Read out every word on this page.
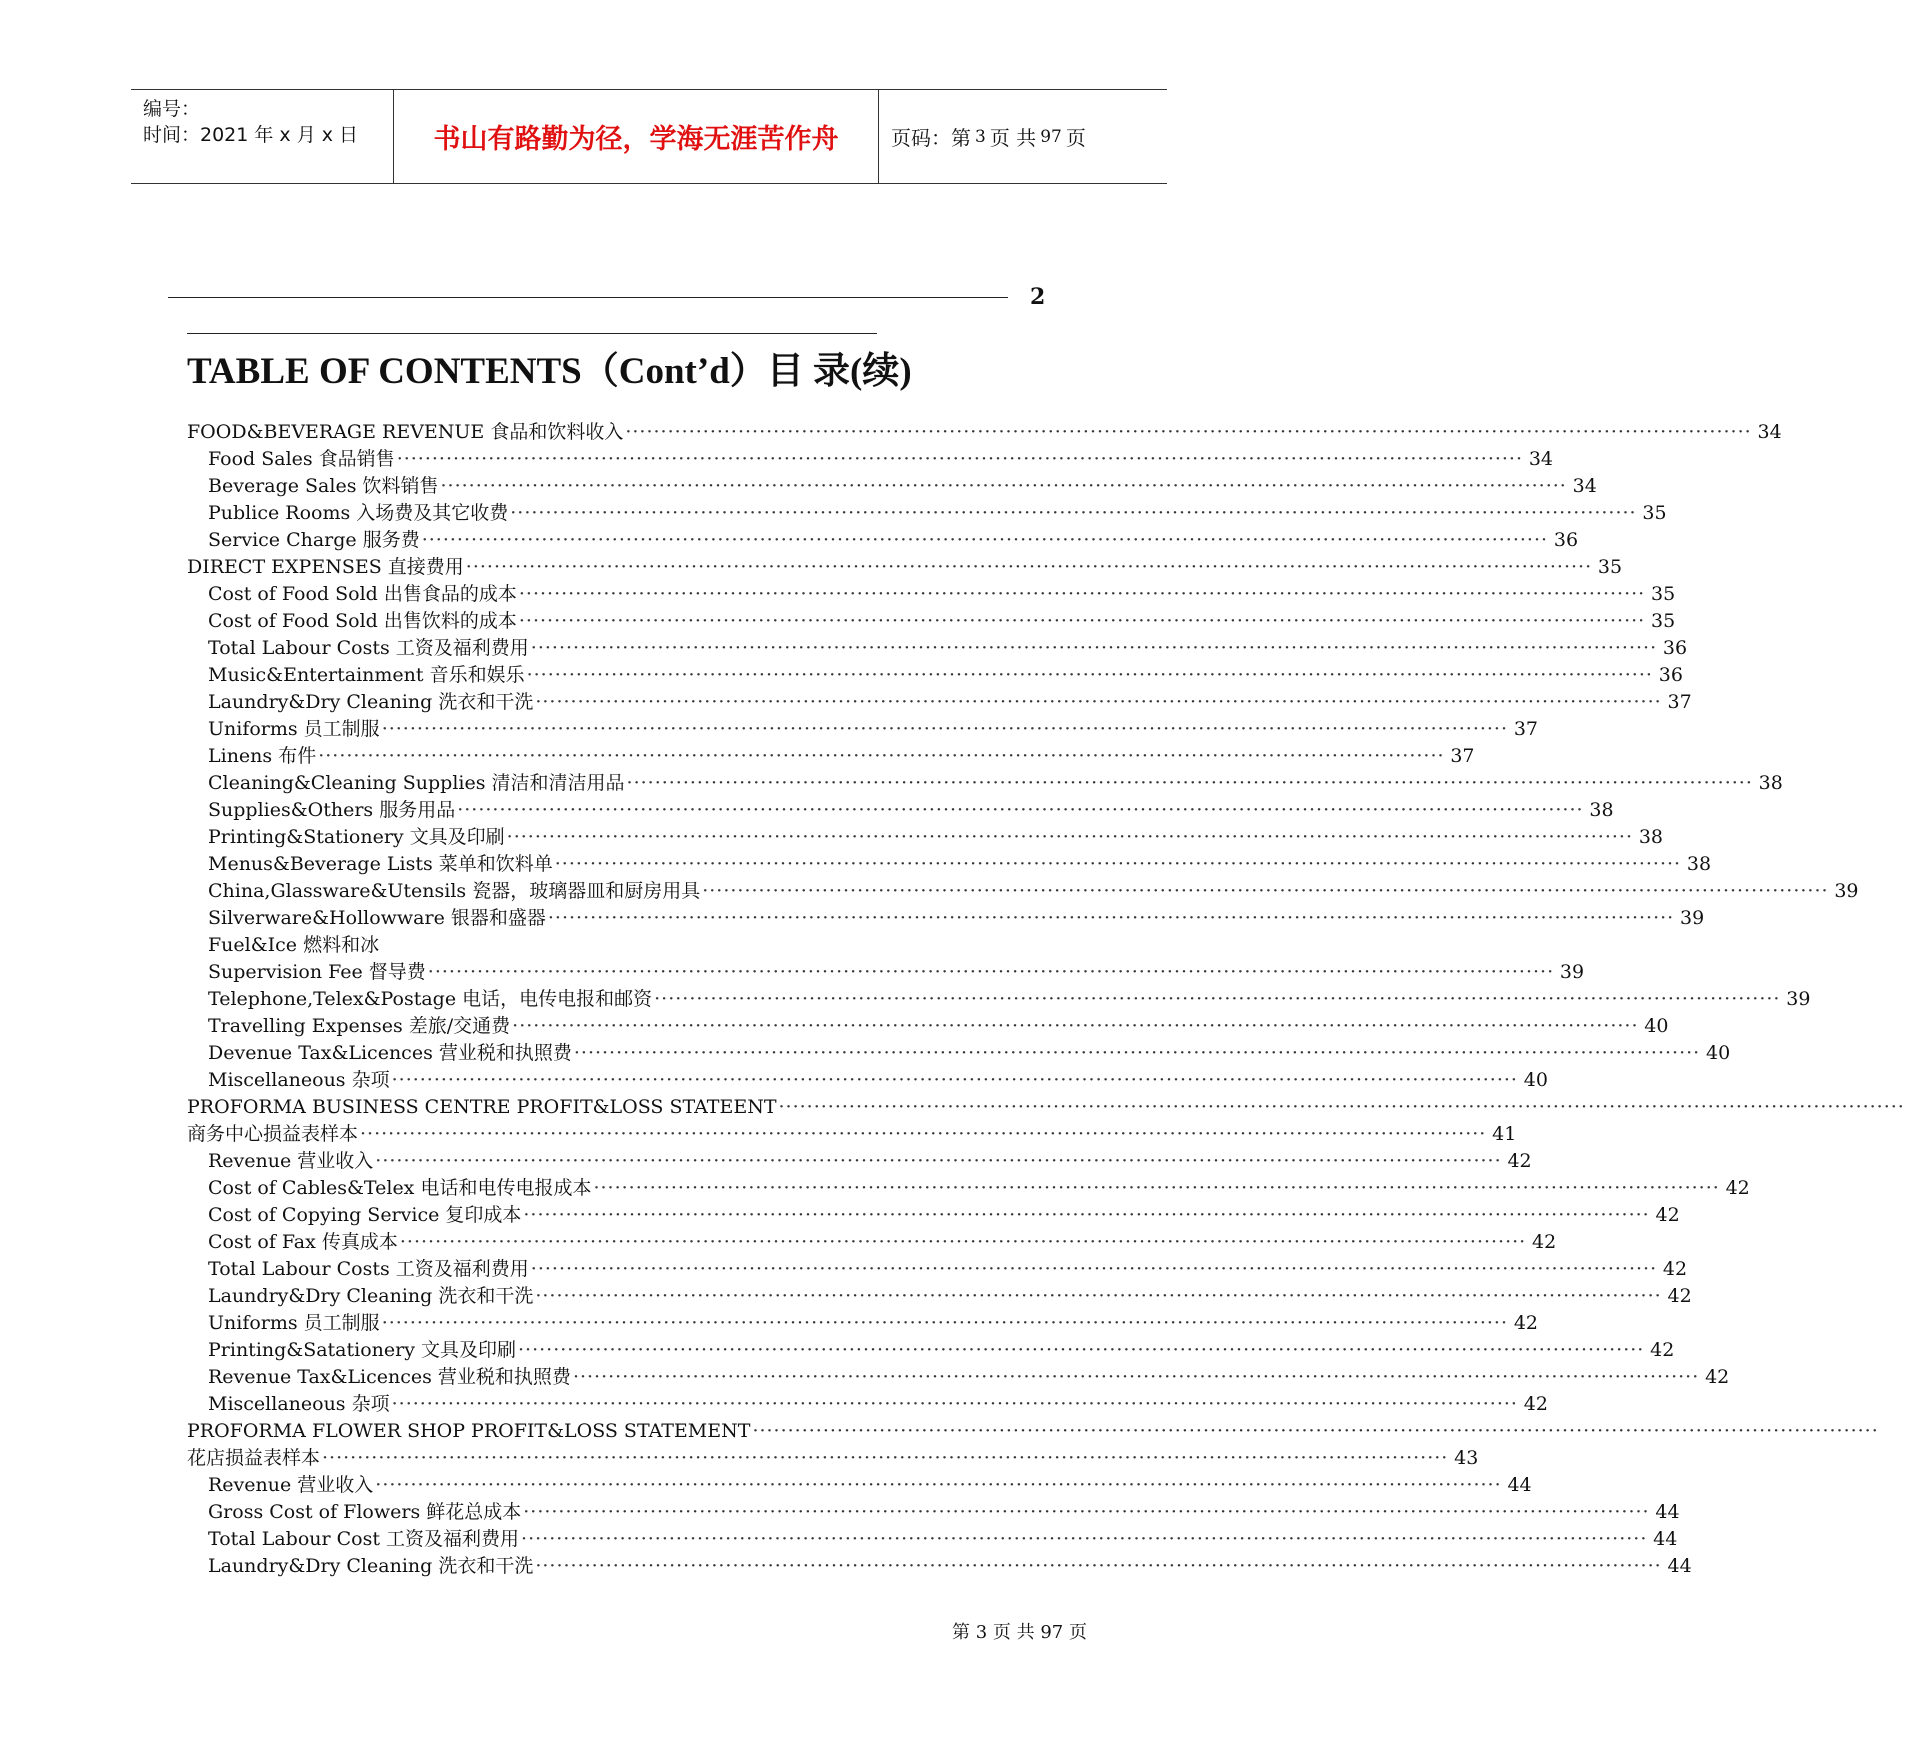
编号：
时间：2021 年 x 月 x 日	书山有路勤为径，学海无涯苦作舟	页码：第 3 页 共 97 页
2
TABLE OF CONTENTS（Cont’d）目 录(续)
FOOD&BEVERAGE REVENUE 食品和饮料收入 ································································································································································ 34
Food Sales 食品销售 ································································································································································ 34
Beverage Sales 饮料销售 ································································································································································ 34
Publice Rooms 入场费及其它收费 ································································································································································ 35
Service Charge 服务费 ································································································································································ 36
DIRECT EXPENSES 直接费用 ································································································································································ 35
Cost of Food Sold 出售食品的成本 ································································································································································ 35
Cost of Food Sold 出售饮料的成本 ································································································································································ 35
Total Labour Costs 工资及福利费用 ································································································································································ 36
Music&Entertainment 音乐和娱乐 ································································································································································ 36
Laundry&Dry Cleaning 洗衣和干洗 ································································································································································ 37
Uniforms 员工制服 ································································································································································ 37
Linens 布件 ································································································································································ 37
Cleaning&Cleaning Supplies 清洁和清洁用品 ································································································································································ 38
Supplies&Others 服务用品 ································································································································································ 38
Printing&Stationery 文具及印刷 ································································································································································ 38
Menus&Beverage Lists 菜单和饮料单 ································································································································································ 38
China,Glassware&Utensils 瓷器，玻璃器皿和厨房用具 ································································································································································ 39
Silverware&Hollowware 银器和盛器 ································································································································································ 39
Fuel&Ice 燃料和冰
Supervision Fee 督导费 ································································································································································ 39
Telephone,Telex&Postage 电话，电传电报和邮资 ································································································································································ 39
Travelling Expenses 差旅/交通费 ································································································································································ 40
Devenue Tax&Licences 营业税和执照费 ································································································································································ 40
Miscellaneous 杂项 ································································································································································ 40
PROFORMA BUSINESS CENTRE PROFIT&LOSS STATEENT ································································································································································
商务中心损益表样本 ································································································································································ 41
Revenue 营业收入 ································································································································································ 42
Cost of Cables&Telex 电话和电传电报成本 ································································································································································ 42
Cost of Copying Service 复印成本 ································································································································································ 42
Cost of Fax 传真成本 ································································································································································ 42
Total Labour Costs 工资及福利费用 ································································································································································ 42
Laundry&Dry Cleaning 洗衣和干洗 ································································································································································ 42
Uniforms 员工制服 ································································································································································ 42
Printing&Satationery 文具及印刷 ································································································································································ 42
Revenue Tax&Licences 营业税和执照费 ································································································································································ 42
Miscellaneous 杂项 ································································································································································ 42
PROFORMA FLOWER SHOP PROFIT&LOSS STATEMENT ································································································································································
花店损益表样本 ································································································································································ 43
Revenue 营业收入 ································································································································································ 44
Gross Cost of Flowers 鲜花总成本 ································································································································································ 44
Total Labour Cost 工资及福利费用 ································································································································································ 44
Laundry&Dry Cleaning 洗衣和干洗 ································································································································································ 44
第 3 页 共 97 页
